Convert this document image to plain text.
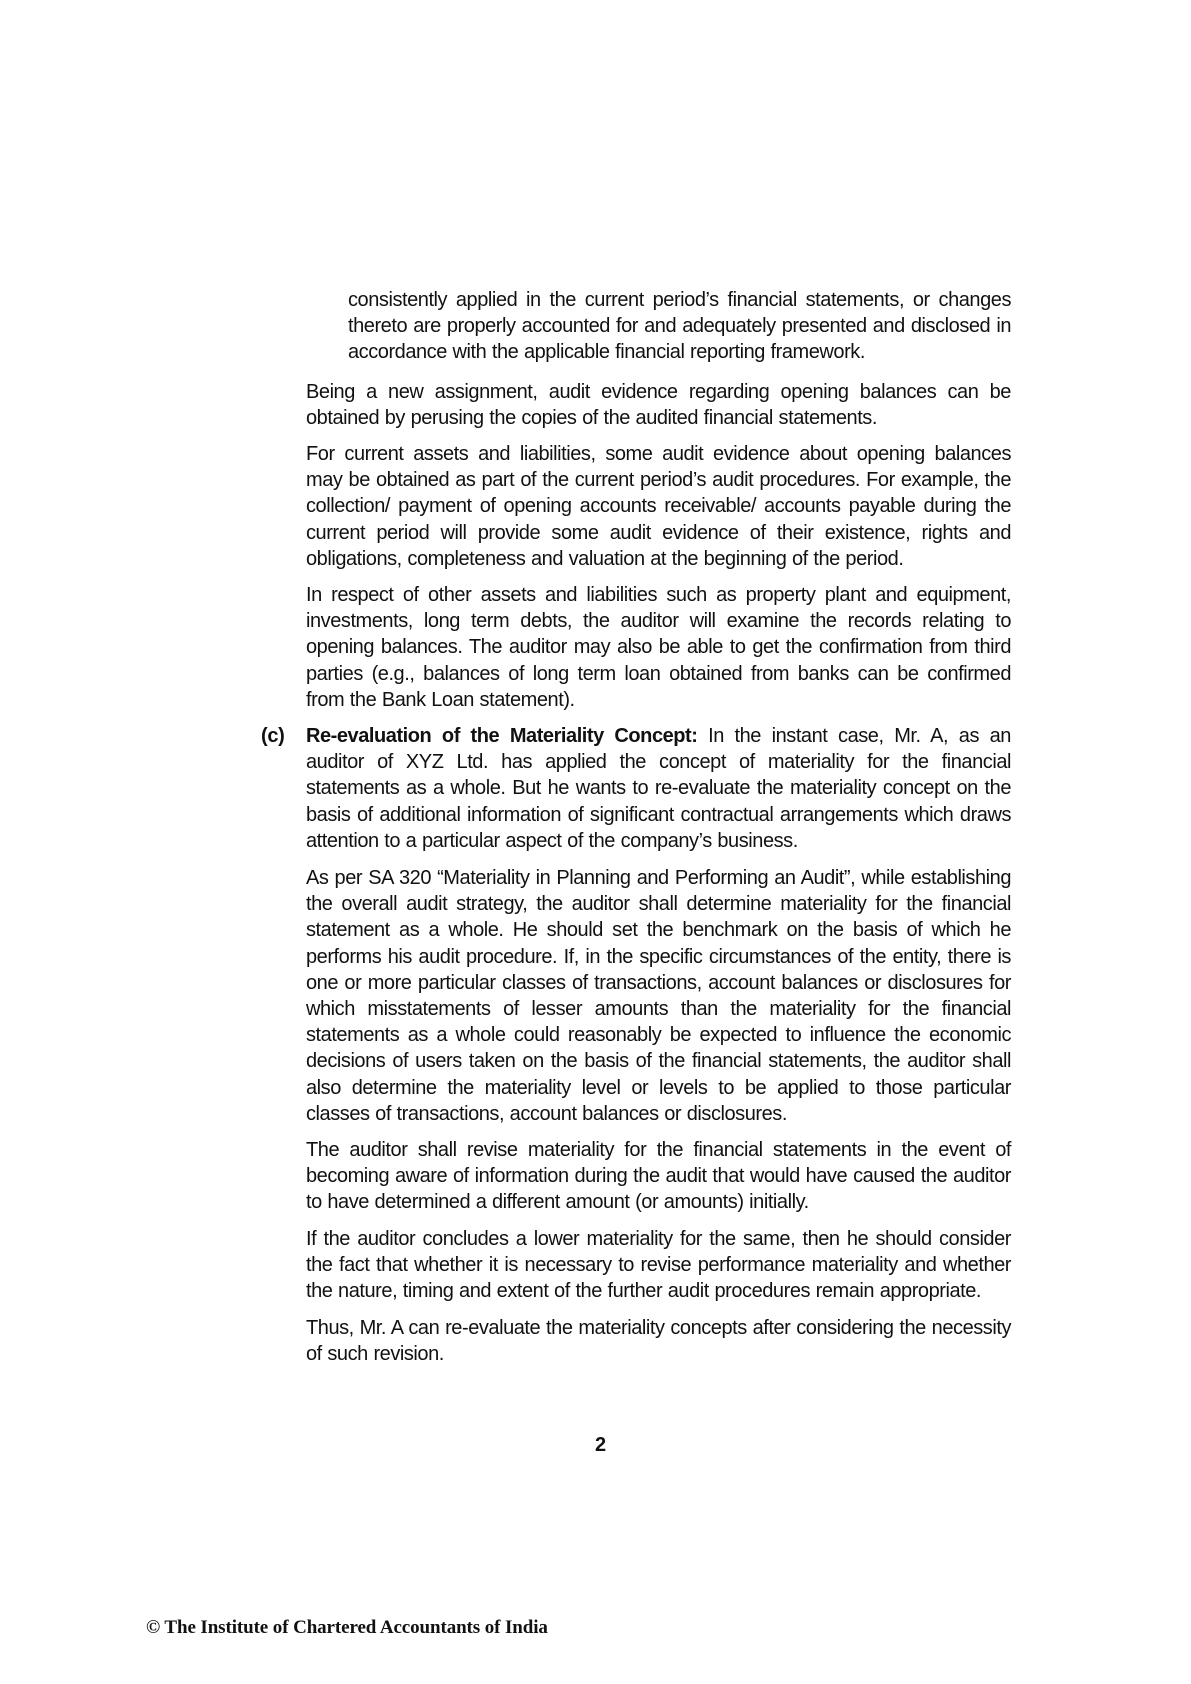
consistently applied in the current period’s financial statements, or changes thereto are properly accounted for and adequately presented and disclosed in accordance with the applicable financial reporting framework.

Being a new assignment, audit evidence regarding opening balances can be obtained by perusing the copies of the audited financial statements.

For current assets and liabilities, some audit evidence about opening balances may be obtained as part of the current period’s audit procedures. For example, the collection/ payment of opening accounts receivable/ accounts payable during the current period will provide some audit evidence of their existence, rights and obligations, completeness and valuation at the beginning of the period.

In respect of other assets and liabilities such as property plant and equipment, investments, long term debts, the auditor will examine the records relating to opening balances. The auditor may also be able to get the confirmation from third parties (e.g., balances of long term loan obtained from banks can be confirmed from the Bank Loan statement).

(c) Re-evaluation of the Materiality Concept: In the instant case, Mr. A, as an auditor of XYZ Ltd. has applied the concept of materiality for the financial statements as a whole. But he wants to re-evaluate the materiality concept on the basis of additional information of significant contractual arrangements which draws attention to a particular aspect of the company’s business.

As per SA 320 “Materiality in Planning and Performing an Audit”, while establishing the overall audit strategy, the auditor shall determine materiality for the financial statement as a whole. He should set the benchmark on the basis of which he performs his audit procedure. If, in the specific circumstances of the entity, there is one or more particular classes of transactions, account balances or disclosures for which misstatements of lesser amounts than the materiality for the financial statements as a whole could reasonably be expected to influence the economic decisions of users taken on the basis of the financial statements, the auditor shall also determine the materiality level or levels to be applied to those particular classes of transactions, account balances or disclosures.

The auditor shall revise materiality for the financial statements in the event of becoming aware of information during the audit that would have caused the auditor to have determined a different amount (or amounts) initially.

If the auditor concludes a lower materiality for the same, then he should consider the fact that whether it is necessary to revise performance materiality and whether the nature, timing and extent of the further audit procedures remain appropriate.

Thus, Mr. A can re-evaluate the materiality concepts after considering the necessity of such revision.

2
© The Institute of Chartered Accountants of India
